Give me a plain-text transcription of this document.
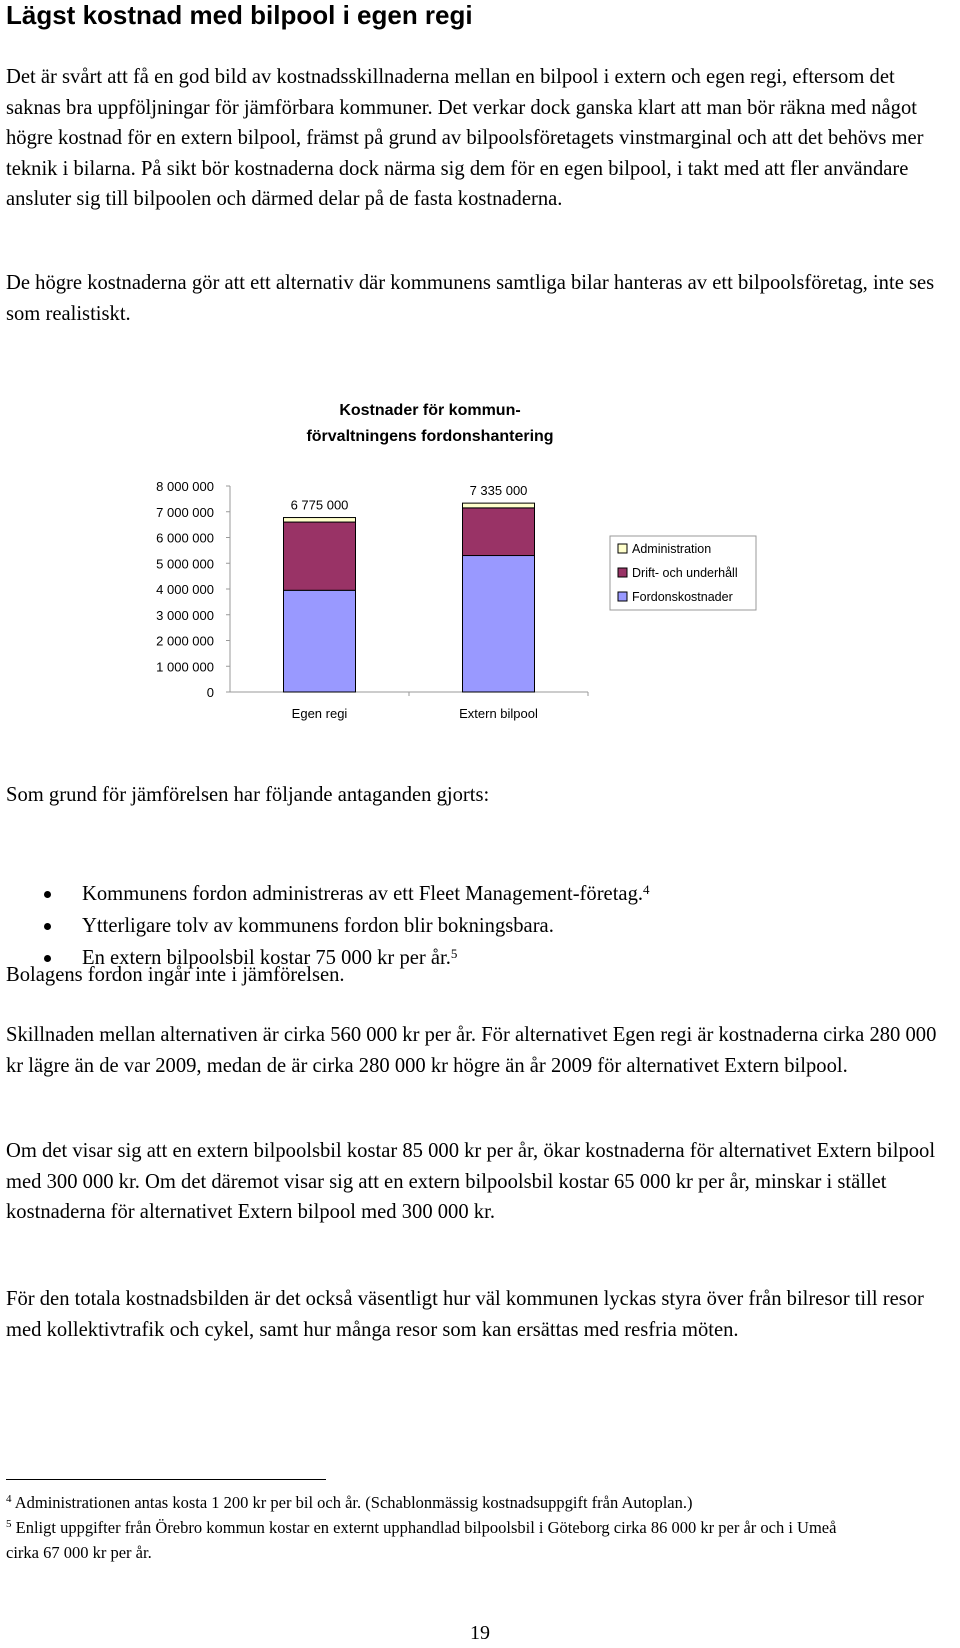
Lägst kostnad med bilpool i egen regi

Det är svårt att få en god bild av kostnadsskillnaderna mellan en bilpool i extern och egen regi, eftersom det saknas bra uppföljningar för jämförbara kommuner. Det verkar dock ganska klart att man bör räkna med något högre kostnad för en extern bilpool, främst på grund av bilpoolsföretagets vinstmarginal och att det behövs mer teknik i bilarna. På sikt bör kostnaderna dock närma sig dem för en egen bilpool, i takt med att fler användare ansluter sig till bilpoolen och därmed delar på de fasta kostnaderna.

De högre kostnaderna gör att ett alternativ där kommunens samtliga bilar hanteras av ett bilpoolsföretag, inte ses som realistiskt.

Kostnader för kommun-
förvaltningens fordonshantering
0
1 000 000
2 000 000
3 000 000
4 000 000
5 000 000
6 000 000
7 000 000
8 000 000
6 775 000
Egen regi
7 335 000
Extern bilpool
Administration
Drift- och underhåll
Fordonskostnader

Som grund för jämförelsen har följande antaganden gjorts:

Kommunens fordon administreras av ett Fleet Management-företag.$^4$
Ytterligare tolv av kommunens fordon blir bokningsbara.
En extern bilpoolsbil kostar 75 000 kr per år.$^5$

Bolagens fordon ingår inte i jämförelsen.

Skillnaden mellan alternativen är cirka 560 000 kr per år. För alternativet Egen regi är kostnaderna cirka 280 000 kr lägre än de var 2009, medan de är cirka 280 000 kr högre än år 2009 för alternativet Extern bilpool.

Om det visar sig att en extern bilpoolsbil kostar 85 000 kr per år, ökar kostnaderna för alternativet Extern bilpool med 300 000 kr. Om det däremot visar sig att en extern bilpoolsbil kostar 65 000 kr per år, minskar i stället kostnaderna för alternativet Extern bilpool med 300 000 kr.

För den totala kostnadsbilden är det också väsentligt hur väl kommunen lyckas styra över från bilresor till resor med kollektivtrafik och cykel, samt hur många resor som kan ersättas med resfria möten.

$^4$ Administrationen antas kosta 1 200 kr per bil och år. (Schablonmässig kostnadsuppgift från Autoplan.)
$^5$ Enligt uppgifter från Örebro kommun kostar en externt upphandlad bilpoolsbil i Göteborg cirka 86 000 kr per år och i Umeå cirka 67 000 kr per år.
19
